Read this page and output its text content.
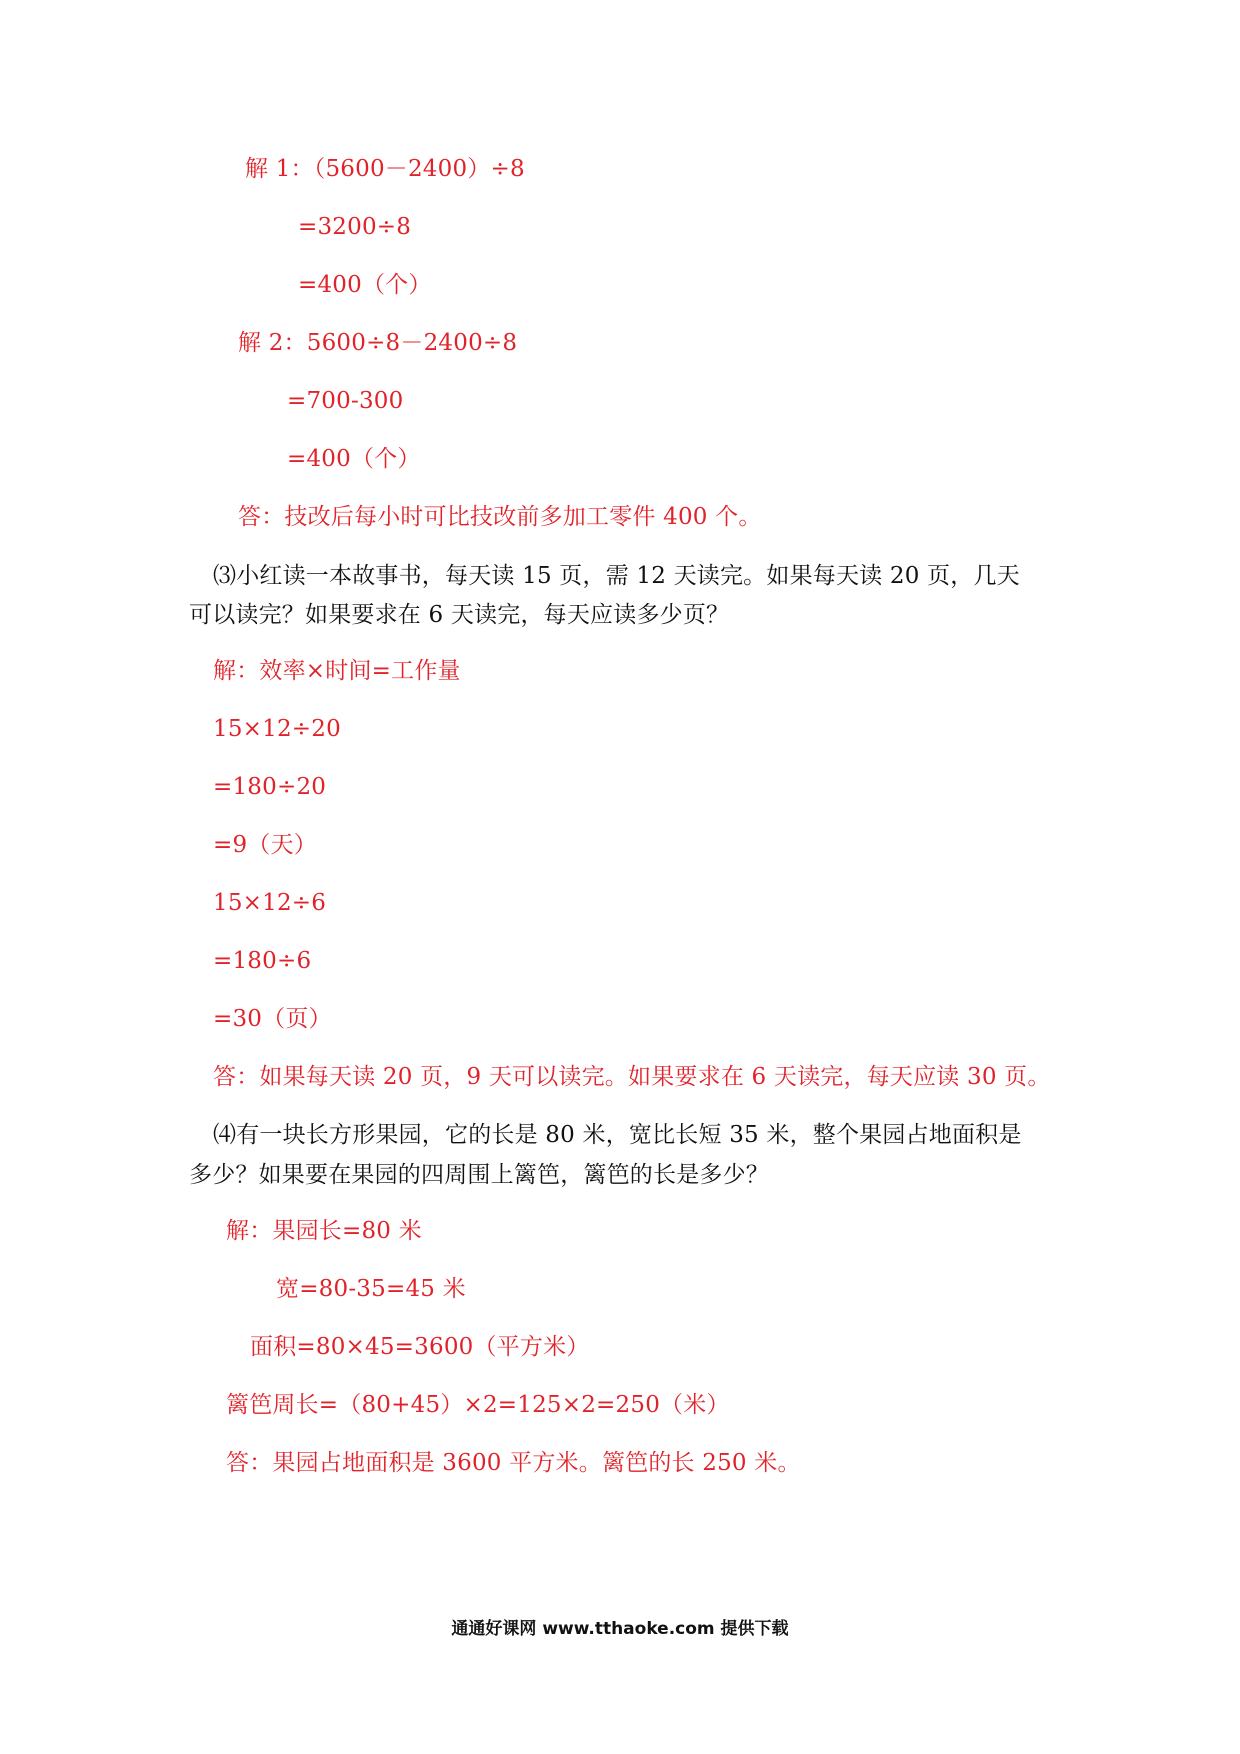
解 1：（5600－2400）÷8
=3200÷8
=400（个）
解 2：5600÷8－2400÷8
=700-300
=400（个）
答：技改后每小时可比技改前多加工零件 400 个。
⑶小红读一本故事书，每天读 15 页，需 12 天读完。如果每天读 20 页，几天
可以读完？如果要求在 6 天读完，每天应读多少页？
解：效率×时间=工作量
15×12÷20
=180÷20
=9（天）
15×12÷6
=180÷6
=30（页）
答：如果每天读 20 页，9 天可以读完。如果要求在 6 天读完，每天应读 30 页。
⑷有一块长方形果园，它的长是 80 米，宽比长短 35 米，整个果园占地面积是
多少？如果要在果园的四周围上篱笆，篱笆的长是多少？
解：果园长=80 米
宽=80-35=45 米
面积=80×45=3600（平方米）
篱笆周长=（80+45）×2=125×2=250（米）
答：果园占地面积是 3600 平方米。篱笆的长 250 米。
通通好课网 www.tthaoke.com 提供下载
